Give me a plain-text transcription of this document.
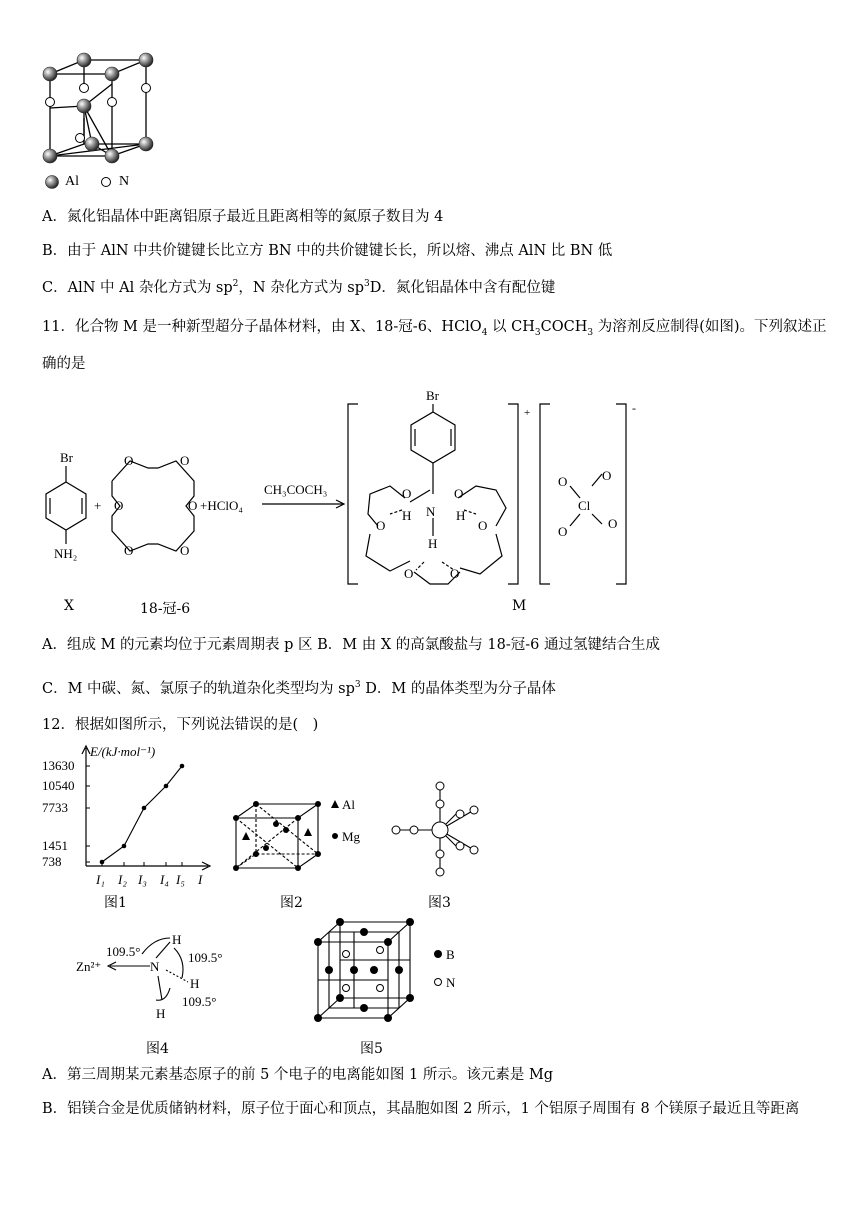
Al	N
A．氮化铝晶体中距离铝原子最近且距离相等的氮原子数目为 4
B．由于 AlN 中共价键键长比立方 BN 中的共价键键长长，所以熔、沸点 AlN 比 BN 低
C．AlN 中 Al 杂化方式为 $sp^2$，N 杂化方式为 $sp^3D$．氮化铝晶体中含有配位键
11．化合物 M 是一种新型超分子晶体材料，由 X、18-冠-6、HClO$_4$ 以 $CH_3COCH_3$ 为溶剂反应制得(如图)。下列叙述正
确的是
Br
NH₂
+
O	O
O
O
O
O	+HClO₄
CH₃COCH₃
Br
N
O	O
O	O
H	H
H
O	O
+	-
O	O
Cl
O
O
X	18-冠-6	M
A．组成 M 的元素均位于元素周期表 p 区 B．M 由 X 的高氯酸盐与 18-冠-6 通过氢键结合生成
C．M 中碳、氮、氯原子的轨道杂化类型均为 $sp^3$ D．M 的晶体类型为分子晶体
12．根据如图所示，下列说法错误的是(　)
E/(kJ·mol⁻¹)
I
13630
10540
7733
1451
738
I₁ I₂ I₃ I₄ I₅
图1
Al
Mg
图2	图3
109.5°	109.5°
109.5°
Zn²⁺	N
H
H
H
图4
B
N
图5
A．第三周期某元素基态原子的前 5 个电子的电离能如图 1 所示。该元素是 Mg
B．铝镁合金是优质储钠材料，原子位于面心和顶点，其晶胞如图 2 所示，1 个铝原子周围有 8 个镁原子最近且等距离
